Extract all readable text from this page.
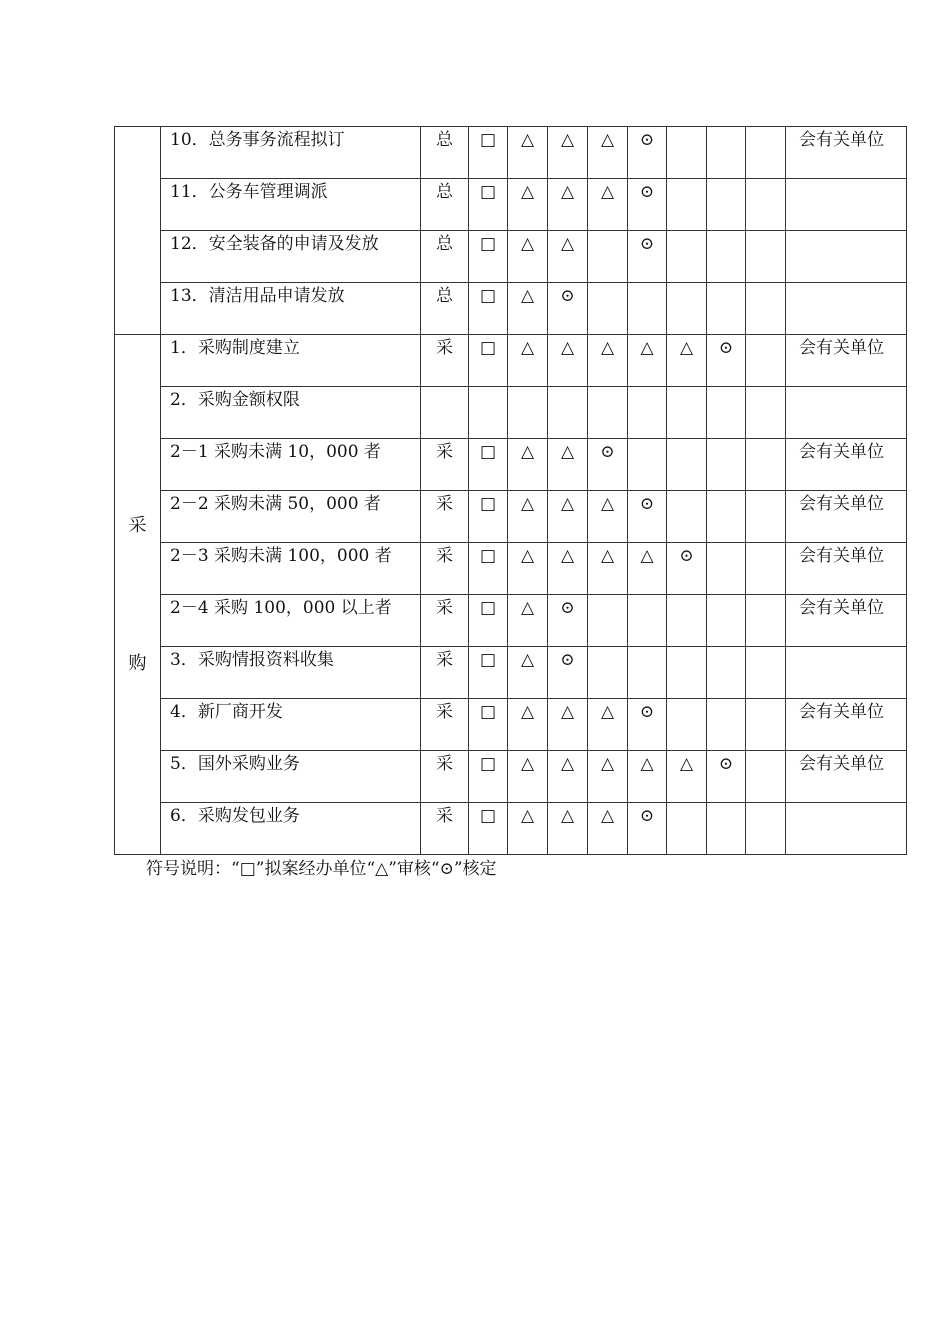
	10．总务事务流程拟订	总	□	△	△	△	⊙				会有关单位
	11．公务车管理调派	总	□	△	△	△	⊙				
	12．安全装备的申请及发放	总	□	△	△		⊙				
	13．清洁用品申请发放	总	□	△	⊙						

采
购	1．采购制度建立	采	□	△	△	△	△	△	⊙		会有关单位
	2．采购金额权限										
	2－1 采购未满 10，000 者	采	□	△	△	⊙					会有关单位
	2－2 采购未满 50，000 者	采	□	△	△	△	⊙				会有关单位
	2－3 采购未满 100，000 者	采	□	△	△	△	△	⊙			会有关单位
	2－4 采购 100，000 以上者	采	□	△	⊙						会有关单位
	3．采购情报资料收集	采	□	△	⊙						
	4．新厂商开发	采	□	△	△	△	⊙				会有关单位
	5．国外采购业务	采	□	△	△	△	△	△	⊙		会有关单位
	6．采购发包业务	采	□	△	△	△	⊙				
符号说明：“□”拟案经办单位“△”审核“⊙”核定
